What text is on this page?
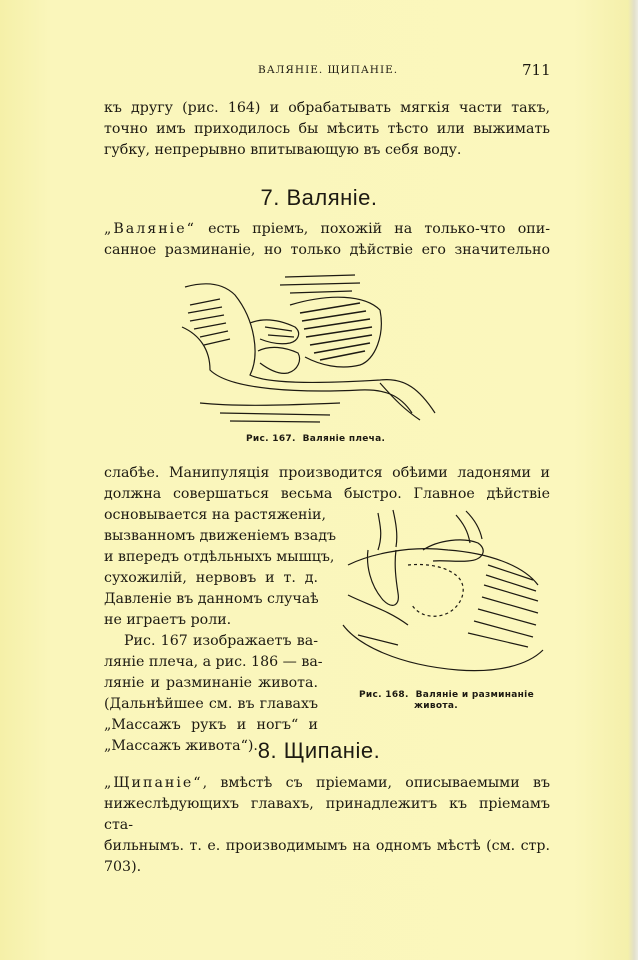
ВАЛЯНІЕ. ЩИПАНІЕ.	711
къ другу (рис. 164) и обрабатывать мягкія части такъ,
точно имъ приходилось бы мѣсить тѣсто или выжимать
губку, непрерывно впитывающую въ себя воду.
7. Валяніе.
„Валяніе“ есть пріемъ, похожій на только-что опи-
санное разминаніе, но только дѣйствіе его значительно
Рис. 167. Валяніе плеча.
слабѣе. Манипуляція производится обѣими ладонями и
должна совершаться весьма быстро. Главное дѣйствіе
основывается на растяженіи,
вызванномъ движеніемъ взадъ
и впередъ отдѣльныхъ мышцъ,
сухожилій, нервовъ и т. д.
Давленіе въ данномъ случаѣ
не играетъ роли.
Рис. 167 изображаетъ ва-
ляніе плеча, а рис. 186 — ва-
ляніе и разминаніе живота.
(Дальнѣйшее см. въ главахъ
„Массажъ рукъ и ногъ“ и
„Массажъ живота“).
Рис. 168. Валяніе и разминаніе
живота.
8. Щипаніе.
„Щипаніе“, вмѣстѣ съ пріемами, описываемыми въ
нижеслѣдующихъ главахъ, принадлежитъ къ пріемамъ ста-
бильнымъ. т. е. производимымъ на одномъ мѣстѣ (см. стр. 703).
